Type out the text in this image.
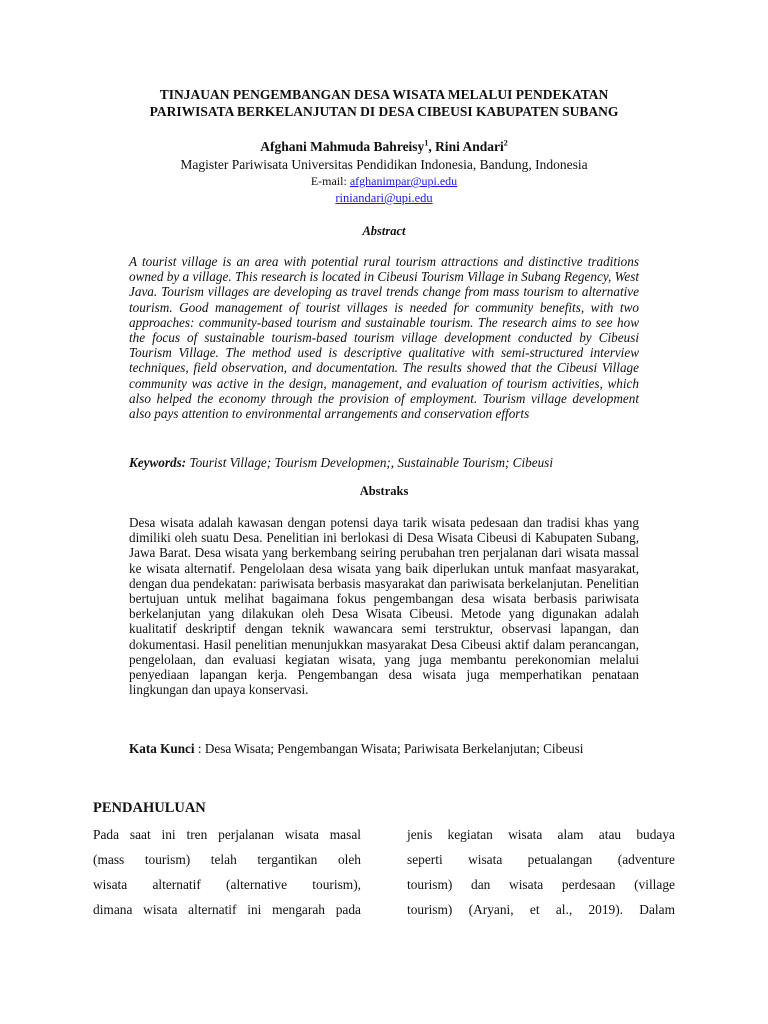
TINJAUAN PENGEMBANGAN DESA WISATA MELALUI PENDEKATAN
PARIWISATA BERKELANJUTAN DI DESA CIBEUSI KABUPATEN SUBANG
Afghani Mahmuda Bahreisy$^1$, Rini Andari$^2$
Magister Pariwisata Universitas Pendidikan Indonesia, Bandung, Indonesia
E-mail: afghanimpar@upi.edu
riniandari@upi.edu
Abstract
A tourist village is an area with potential rural tourism attractions and distinctive traditions owned by a village. This research is located in Cibeusi Tourism Village in Subang Regency, West Java. Tourism villages are developing as travel trends change from mass tourism to alternative tourism. Good management of tourist villages is needed for community benefits, with two approaches: community-based tourism and sustainable tourism. The research aims to see how the focus of sustainable tourism-based tourism village development conducted by Cibeusi Tourism Village. The method used is descriptive qualitative with semi-structured interview techniques, field observation, and documentation. The results showed that the Cibeusi Village community was active in the design, management, and evaluation of tourism activities, which also helped the economy through the provision of employment. Tourism village development also pays attention to environmental arrangements and conservation efforts
Keywords: Tourist Village; Tourism Developmen;, Sustainable Tourism; Cibeusi
Abstraks
Desa wisata adalah kawasan dengan potensi daya tarik wisata pedesaan dan tradisi khas yang dimiliki oleh suatu Desa. Penelitian ini berlokasi di Desa Wisata Cibeusi di Kabupaten Subang, Jawa Barat. Desa wisata yang berkembang seiring perubahan tren perjalanan dari wisata massal ke wisata alternatif. Pengelolaan desa wisata yang baik diperlukan untuk manfaat masyarakat, dengan dua pendekatan: pariwisata berbasis masyarakat dan pariwisata berkelanjutan. Penelitian bertujuan untuk melihat bagaimana fokus pengembangan desa wisata berbasis pariwisata berkelanjutan yang dilakukan oleh Desa Wisata Cibeusi. Metode yang digunakan adalah kualitatif deskriptif dengan teknik wawancara semi terstruktur, observasi lapangan, dan dokumentasi. Hasil penelitian menunjukkan masyarakat Desa Cibeusi aktif dalam perancangan, pengelolaan, dan evaluasi kegiatan wisata, yang juga membantu perekonomian melalui penyediaan lapangan kerja. Pengembangan desa wisata juga memperhatikan penataan lingkungan dan upaya konservasi.
Kata Kunci : Desa Wisata; Pengembangan Wisata; Pariwisata Berkelanjutan; Cibeusi
PENDAHULUAN
Pada saat ini tren perjalanan wisata masal
(mass tourism) telah tergantikan oleh
wisata alternatif (alternative tourism),
dimana wisata alternatif ini mengarah pada
jenis kegiatan wisata alam atau budaya
seperti wisata petualangan (adventure
tourism) dan wisata perdesaan (village
tourism) (Aryani, et al., 2019). Dalam
